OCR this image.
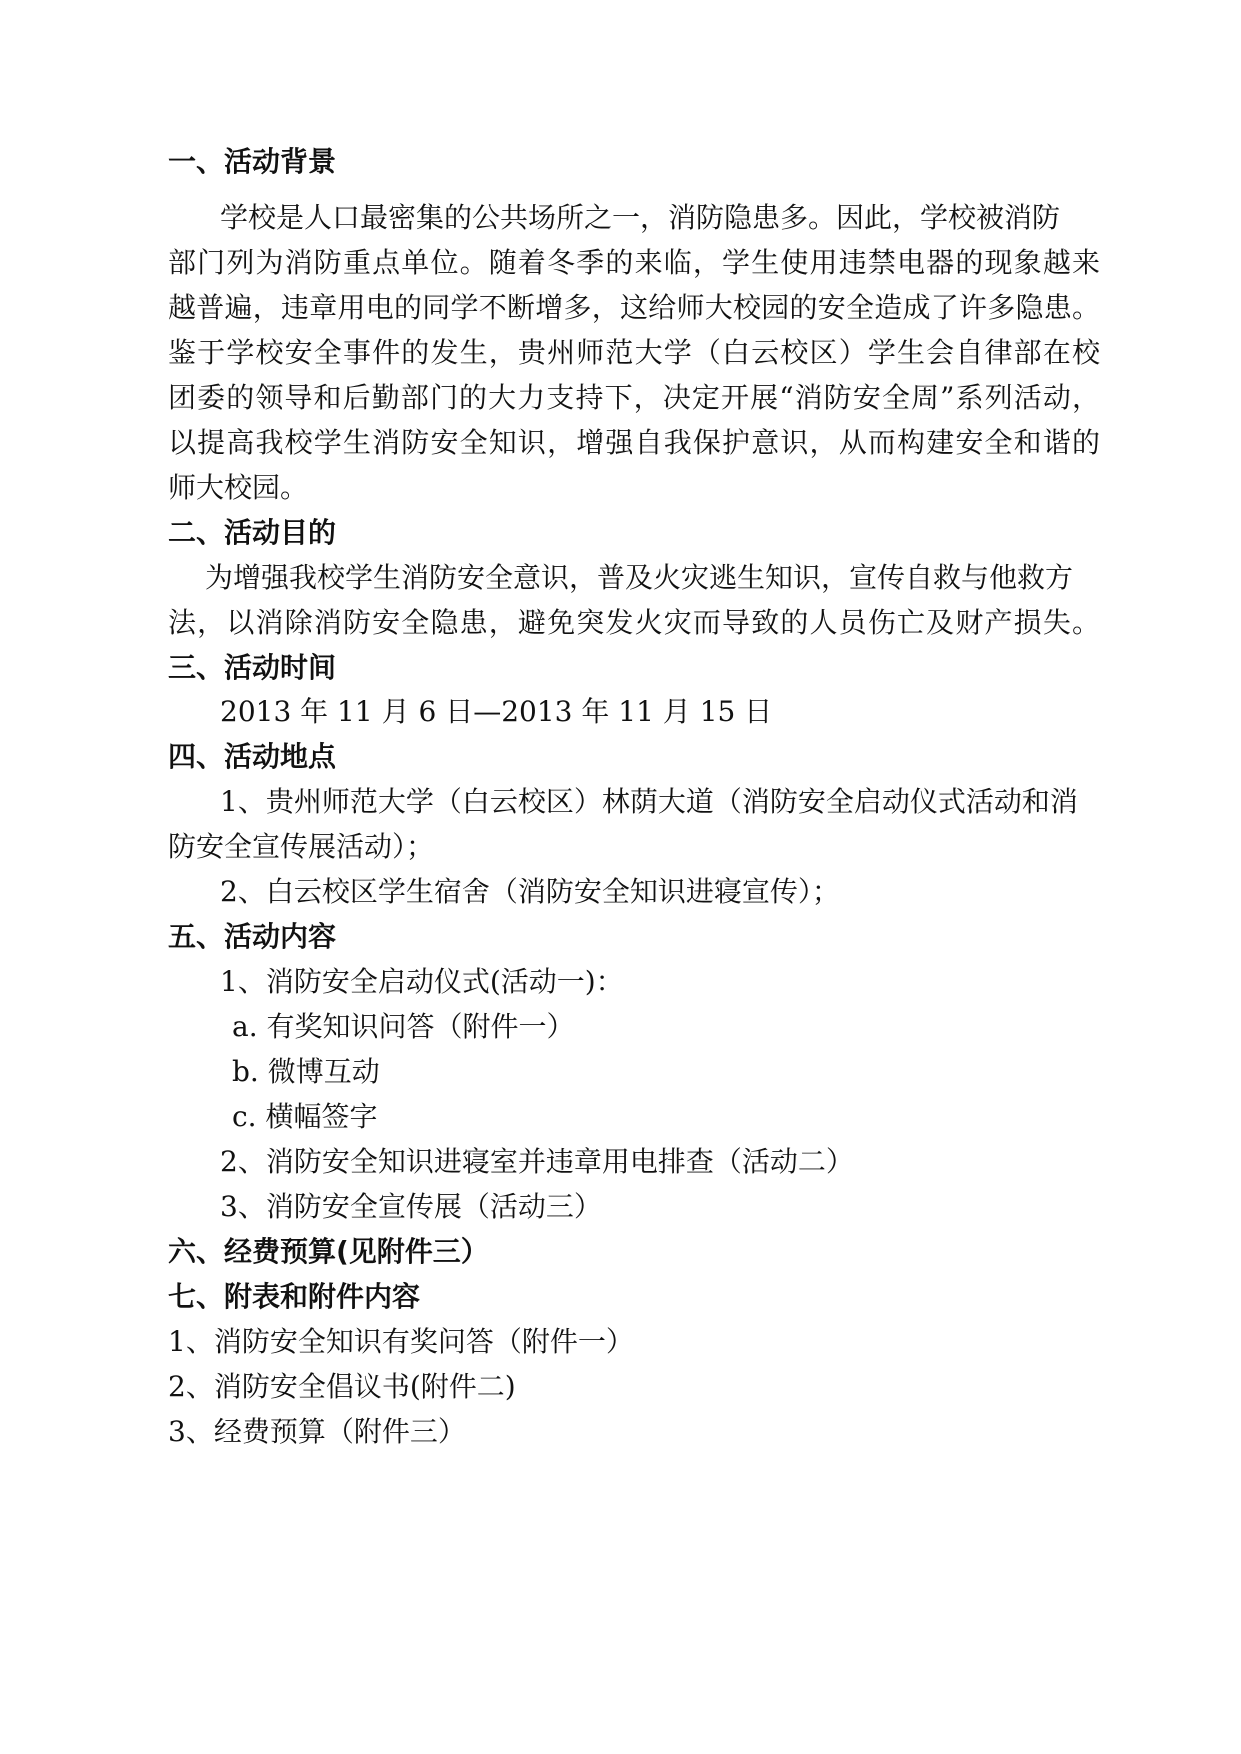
一、活动背景
学校是人口最密集的公共场所之一，消防隐患多。因此，学校被消防
部门列为消防重点单位。随着冬季的来临，学生使用违禁电器的现象越来
越普遍，违章用电的同学不断增多，这给师大校园的安全造成了许多隐患。
鉴于学校安全事件的发生，贵州师范大学（白云校区）学生会自律部在校
团委的领导和后勤部门的大力支持下，决定开展“消防安全周”系列活动，
以提高我校学生消防安全知识，增强自我保护意识，从而构建安全和谐的
师大校园。
二、活动目的
为增强我校学生消防安全意识，普及火灾逃生知识，宣传自救与他救方
法，以消除消防安全隐患，避免突发火灾而导致的人员伤亡及财产损失。
三、活动时间
2013 年 11 月 6 日—2013 年 11 月 15 日
四、活动地点
1、贵州师范大学（白云校区）林荫大道（消防安全启动仪式活动和消
防安全宣传展活动）；
2、白云校区学生宿舍（消防安全知识进寝宣传）；
五、活动内容
1、消防安全启动仪式(活动一)：
a. 有奖知识问答（附件一）
b. 微博互动
c. 横幅签字
2、消防安全知识进寝室并违章用电排查（活动二）
3、消防安全宣传展（活动三）
六、经费预算(见附件三）
七、附表和附件内容
1、消防安全知识有奖问答（附件一）
2、消防安全倡议书(附件二)
3、经费预算（附件三）
